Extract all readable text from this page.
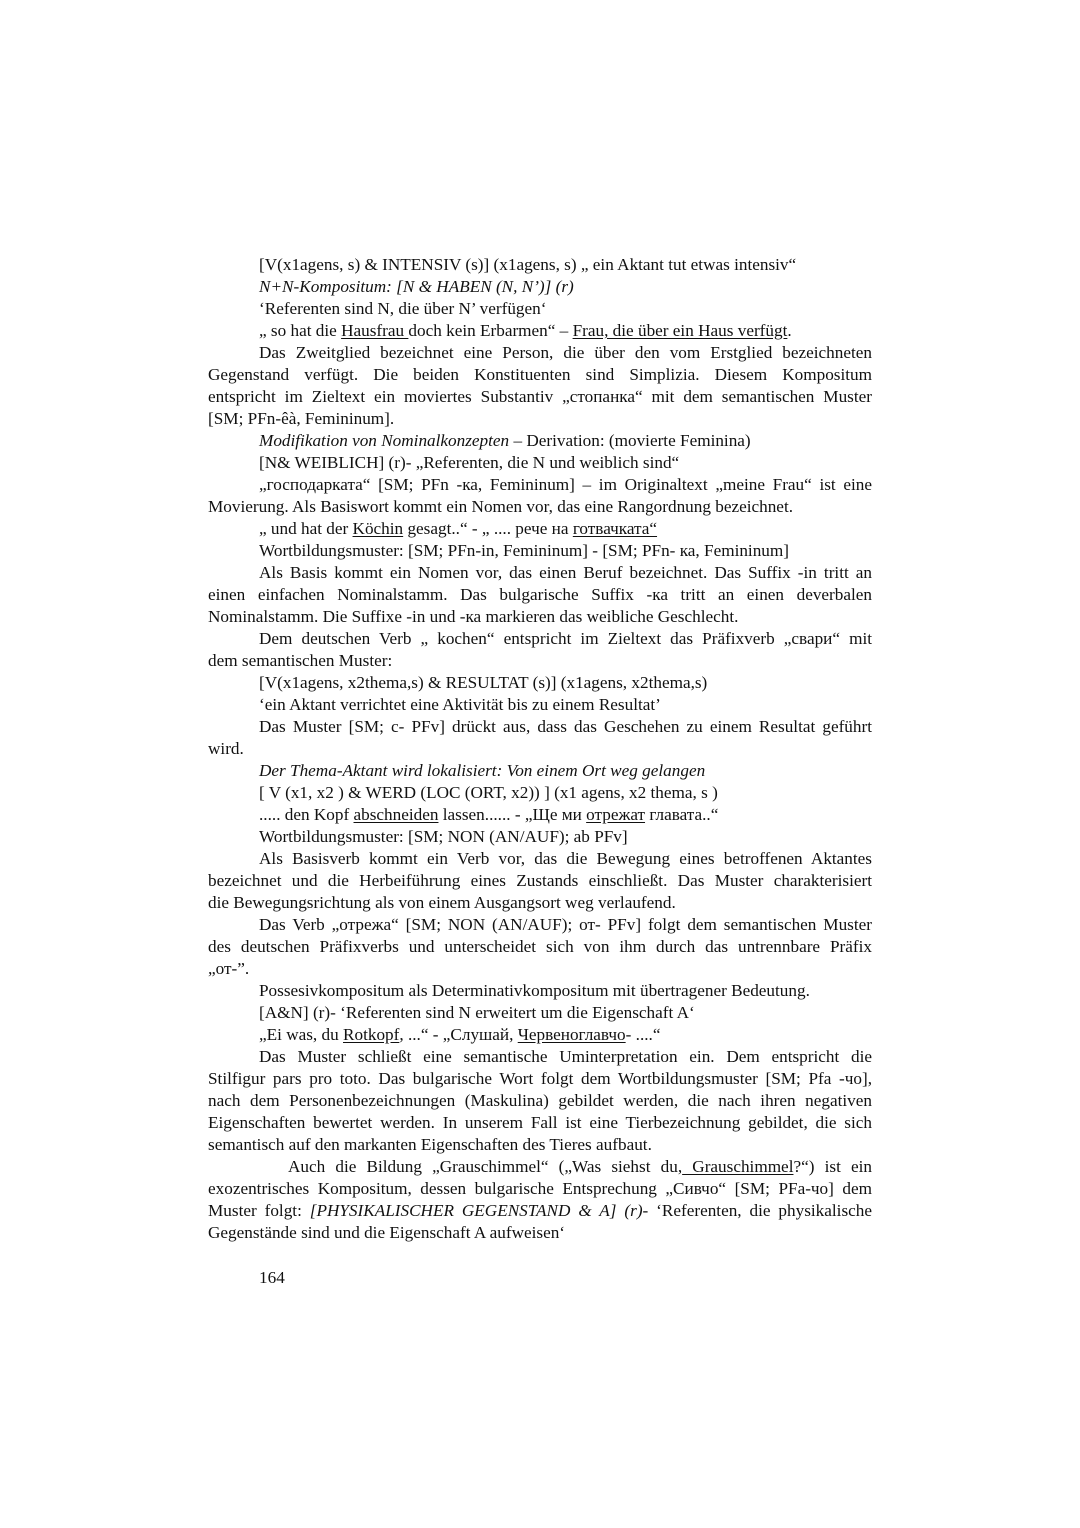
[V(x1agens, s) & INTENSIV (s)] (x1agens, s) „ ein Aktant tut etwas intensiv“
N+N-Kompositum: [N & HABEN (N, N’)] (r)
‘Referenten sind N, die über N’ verfügen‘
„ so hat die Hausfrau doch kein Erbarmen“ – Frau, die über ein Haus verfügt.
Das Zweitglied bezeichnet eine Person, die über den vom Erstglied bezeichneten
Gegenstand verfügt. Die beiden Konstituenten sind Simplizia. Diesem Kompositum
entspricht im Zieltext ein moviertes Substantiv „стопанка“ mit dem semantischen Muster
[SM; PFn-êà, Femininum].
Modifikation von Nominalkonzepten – Derivation: (movierte Feminina)
[N& WEIBLICH] (r)- „Referenten, die N und weiblich sind“
„господарката“ [SM; PFn -ка, Femininum] – im Originaltext „meine Frau“ ist eine
Movierung. Als Basiswort kommt ein Nomen vor, das eine Rangordnung bezeichnet.
„ und hat der Köchin gesagt..“ - „ .... рече на готвачката“
Wortbildungsmuster: [SM; PFn-in, Femininum] - [SM; PFn- ка, Femininum]
Als Basis kommt ein Nomen vor, das einen Beruf bezeichnet. Das Suffix -in tritt an
einen einfachen Nominalstamm. Das bulgarische Suffix -ка tritt an einen deverbalen
Nominalstamm. Die Suffixe -in und -ка markieren das weibliche Geschlecht.
Dem deutschen Verb „ kochen“ entspricht im Zieltext das Präfixverb „свари“ mit
dem semantischen Muster:
[V(x1agens, x2thema,s) & RESULTAT (s)] (x1agens, x2thema,s)
‘ein Aktant verrichtet eine Aktivität bis zu einem Resultat’
Das Muster [SM; c- PFv] drückt aus, dass das Geschehen zu einem Resultat geführt
wird.
Der Thema-Aktant wird lokalisiert: Von einem Ort weg gelangen
[ V (x1, x2 ) & WERD (LOC (ORT, x2)) ] (x1 agens, x2 thema, s )
..... den Kopf abschneiden lassen...... - „Ще ми отрежат главата..“
Wortbildungsmuster: [SM; NON (AN/AUF); ab PFv]
Als Basisverb kommt ein Verb vor, das die Bewegung eines betroffenen Aktantes
bezeichnet und die Herbeiführung eines Zustands einschließt. Das Muster charakterisiert
die Bewegungsrichtung als von einem Ausgangsort weg verlaufend.
Das Verb „отрежа“ [SM; NON (AN/AUF); от- PFv] folgt dem semantischen Muster
des deutschen Präfixverbs und unterscheidet sich von ihm durch das untrennbare Präfix
„от-”.
Possesivkompositum als Determinativkompositum mit übertragener Bedeutung.
[A&N] (r)- ‘Referenten sind N erweitert um die Eigenschaft A‘
„Ei was, du Rotkopf, ...“ - „Слушай, Червеноглавчо- ....“
Das Muster schließt eine semantische Uminterpretation ein. Dem entspricht die
Stilfigur pars pro toto. Das bulgarische Wort folgt dem Wortbildungsmuster [SM; Pfa -чо],
nach dem Personenbezeichnungen (Maskulina) gebildet werden, die nach ihren negativen
Eigenschaften bewertet werden. In unserem Fall ist eine Tierbezeichnung gebildet, die sich
semantisch auf den markanten Eigenschaften des Tieres aufbaut.
Auch die Bildung „Grauschimmel“ („Was siehst du, Grauschimmel?“) ist ein
exozentrisches Kompositum, dessen bulgarische Entsprechung „Сивчо“ [SM; PFa-чо] dem
Muster folgt: [PHYSIKALISCHER GEGENSTAND & A] (r)- ‘Referenten, die physikalische
Gegenstände sind und die Eigenschaft A aufweisen‘
164
